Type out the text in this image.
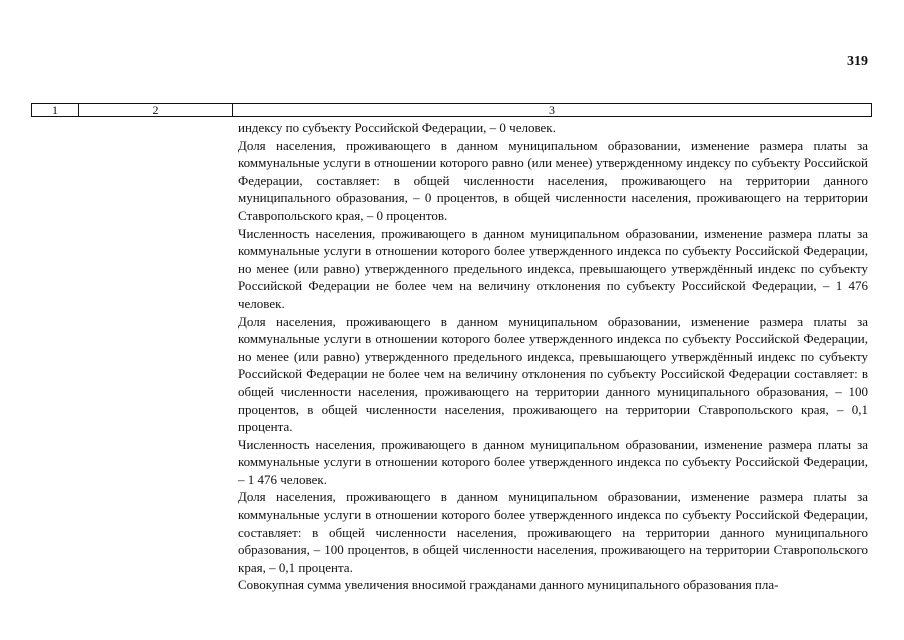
319
1	2	3

индексу по субъекту Российской Федерации, – 0 человек.

Доля населения, проживающего в данном муниципальном образовании, изменение размера платы за коммунальные услуги в отношении которого равно (или менее) утвержденному индексу по субъекту Российской Федерации, составляет: в общей численности населения, проживающего на территории данного муниципального образования, – 0 процентов, в общей численности населения, проживающего на территории Ставропольского края, – 0 процентов.

Численность населения, проживающего в данном муниципальном образовании, изменение размера платы за коммунальные услуги в отношении которого более утвержденного индекса по субъекту Российской Федерации, но менее (или равно) утвержденного предельного индекса, превышающего утверждённый индекс по субъекту Российской Федерации не более чем на величину отклонения по субъекту Российской Федерации, – 1 476 человек.

Доля населения, проживающего в данном муниципальном образовании, изменение размера платы за коммунальные услуги в отношении которого более утвержденного индекса по субъекту Российской Федерации, но менее (или равно) утвержденного предельного индекса, превышающего утверждённый индекс по субъекту Российской Федерации не более чем на величину отклонения по субъекту Российской Федерации составляет: в общей численности населения, проживающего на территории данного муниципального образования, – 100 процентов, в общей численности населения, проживающего на территории Ставропольского края, – 0,1 процента.

Численность населения, проживающего в данном муниципальном образовании, изменение размера платы за коммунальные услуги в отношении которого более утвержденного индекса по субъекту Российской Федерации, – 1 476 человек.

Доля населения, проживающего в данном муниципальном образовании, изменение размера платы за коммунальные услуги в отношении которого более утвержденного индекса по субъекту Российской Федерации, составляет: в общей численности населения, проживающего на территории данного муниципального образования, – 100 процентов, в общей численности населения, проживающего на территории Ставропольского края, – 0,1 процента.

Совокупная сумма увеличения вносимой гражданами данного муниципального образования пла-
